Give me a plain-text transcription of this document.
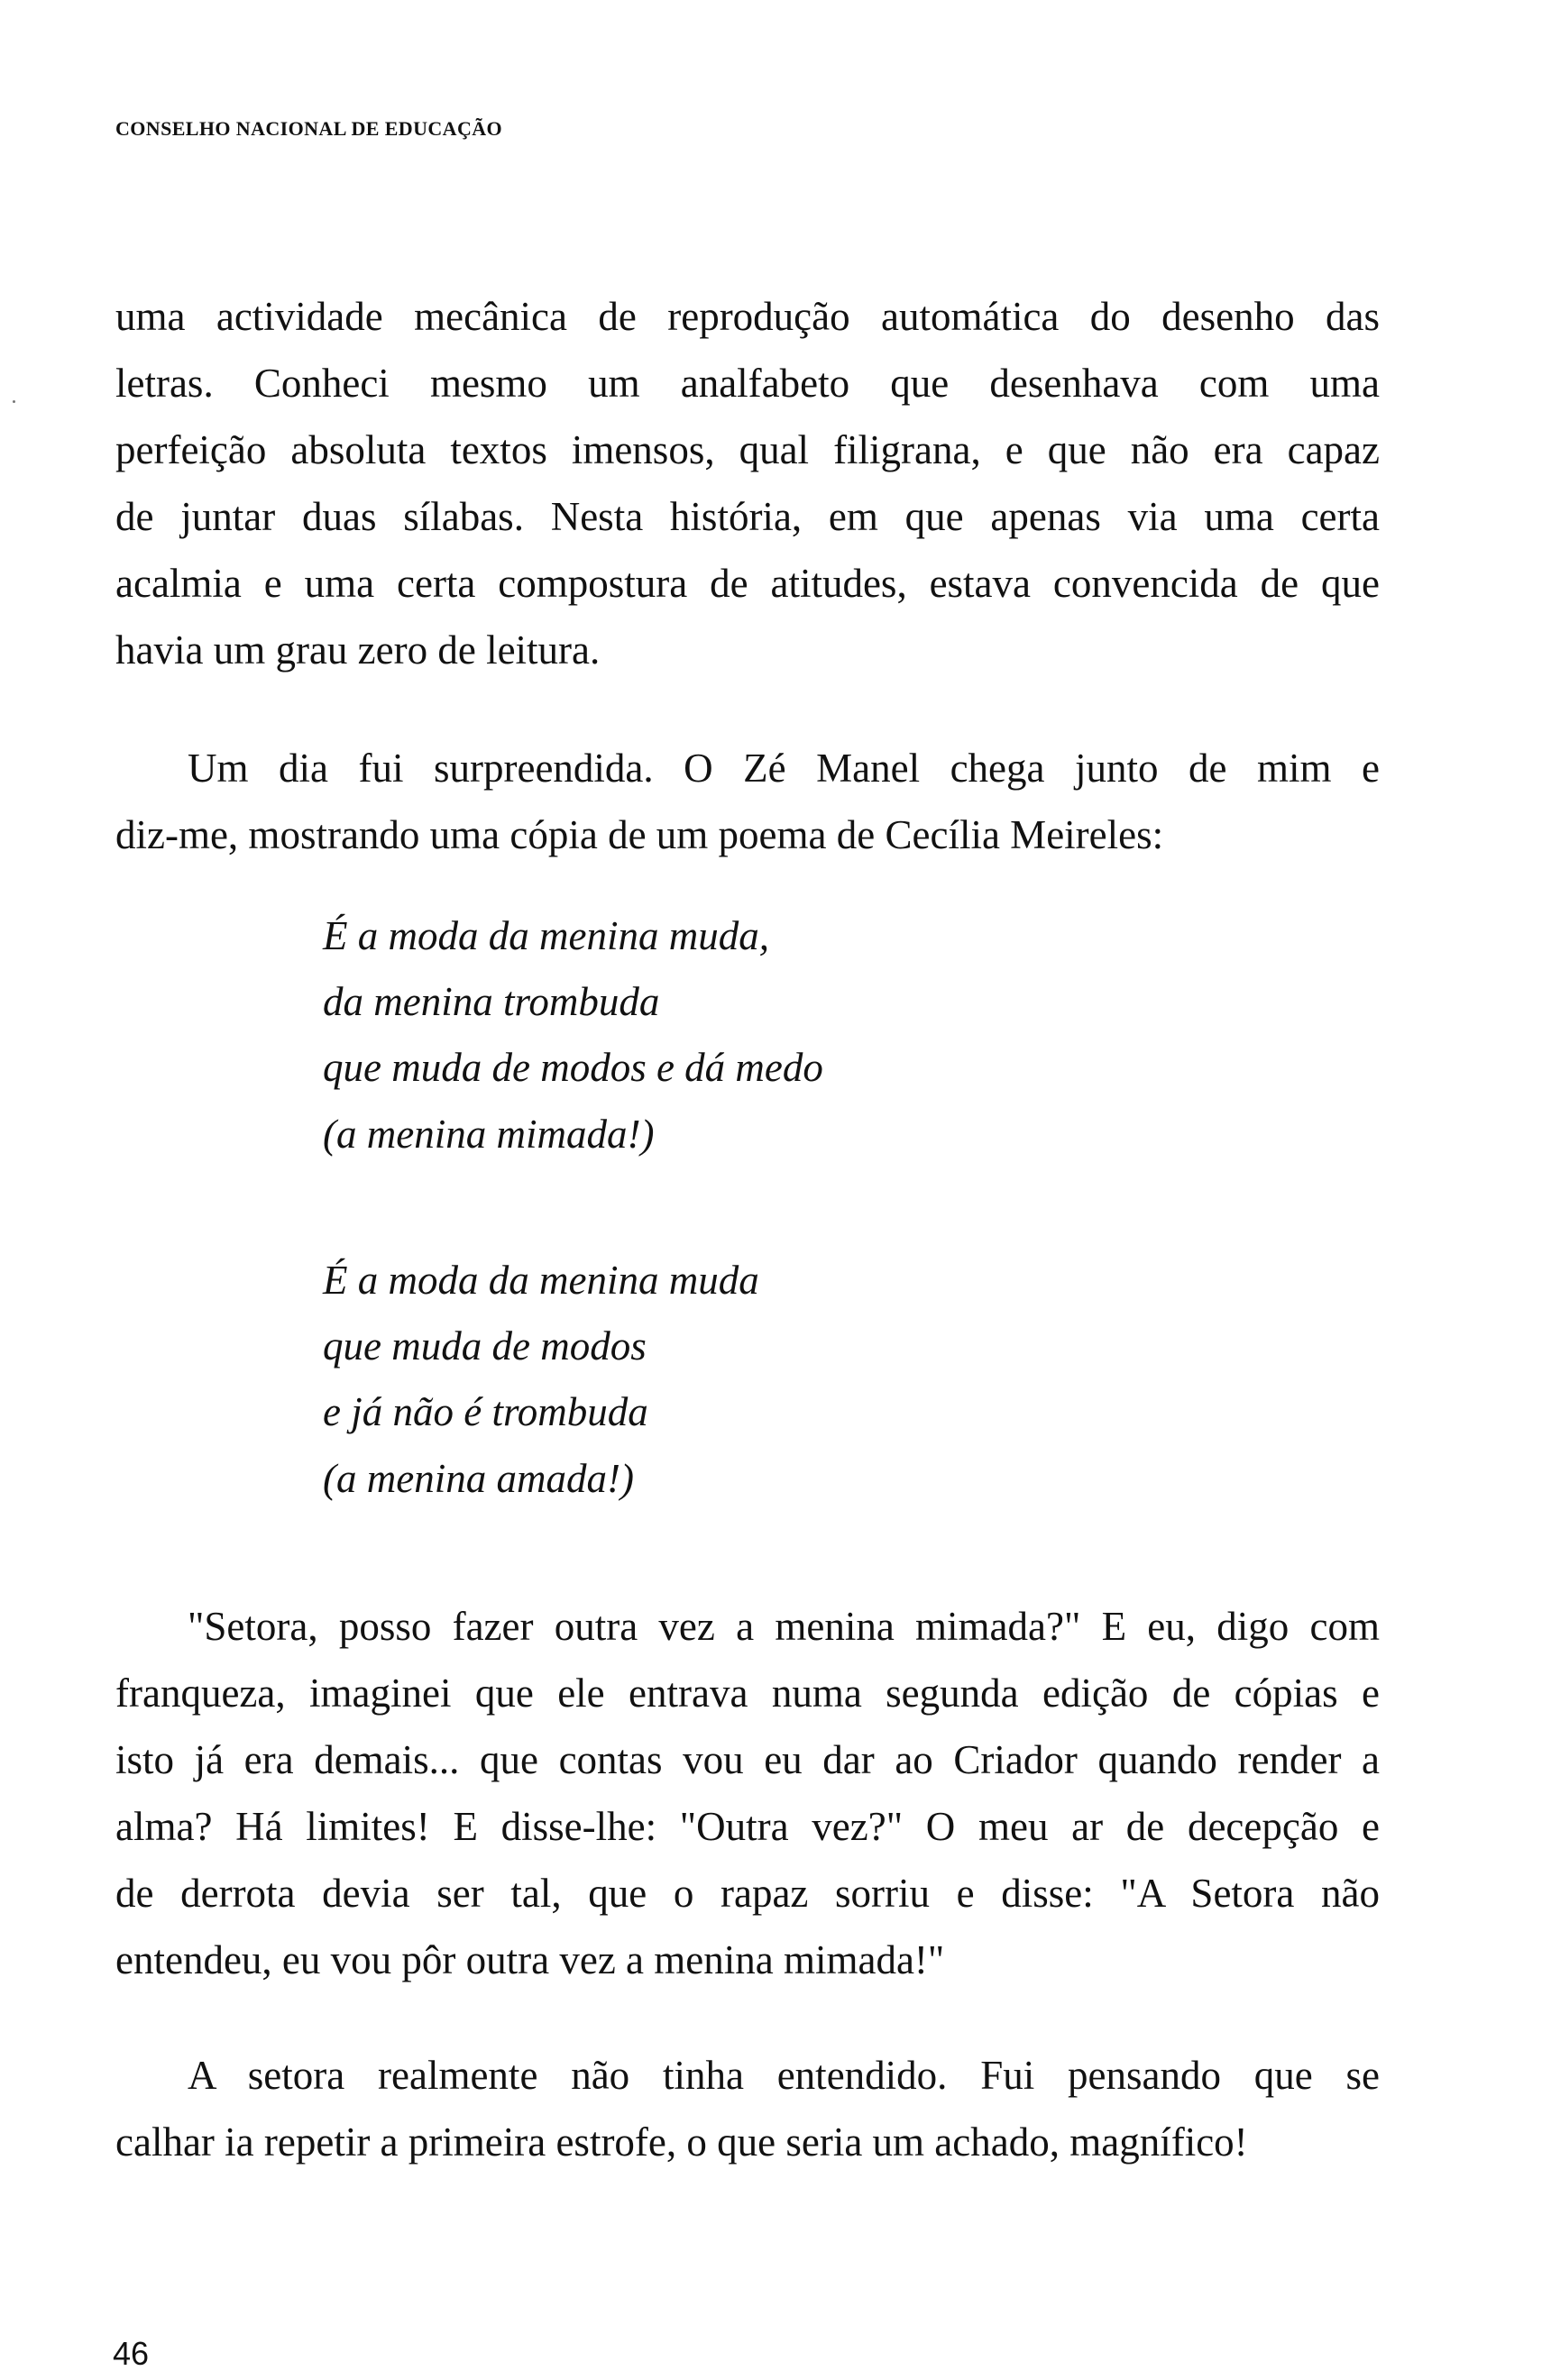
CONSELHO NACIONAL DE EDUCAÇÃO
uma actividade mecânica de reprodução automática do desenho das
letras. Conheci mesmo um analfabeto que desenhava com uma
perfeição absoluta textos imensos, qual filigrana, e que não era capaz
de juntar duas sílabas. Nesta história, em que apenas via uma certa
acalmia e uma certa compostura de atitudes, estava convencida de que
havia um grau zero de leitura.
Um dia fui surpreendida. O Zé Manel chega junto de mim e
diz-me, mostrando uma cópia de um poema de Cecília Meireles:
É a moda da menina muda,
da menina trombuda
que muda de modos e dá medo
(a menina mimada!)
É a moda da menina muda
que muda de modos
e já não é trombuda
(a menina amada!)
"Setora, posso fazer outra vez a menina mimada?" E eu, digo com
franqueza, imaginei que ele entrava numa segunda edição de cópias e
isto já era demais... que contas vou eu dar ao Criador quando render a
alma? Há limites! E disse-lhe: "Outra vez?" O meu ar de decepção e
de derrota devia ser tal, que o rapaz sorriu e disse: "A Setora não
entendeu, eu vou pôr outra vez a menina mimada!"
A setora realmente não tinha entendido. Fui pensando que se
calhar ia repetir a primeira estrofe, o que seria um achado, magnífico!
46
